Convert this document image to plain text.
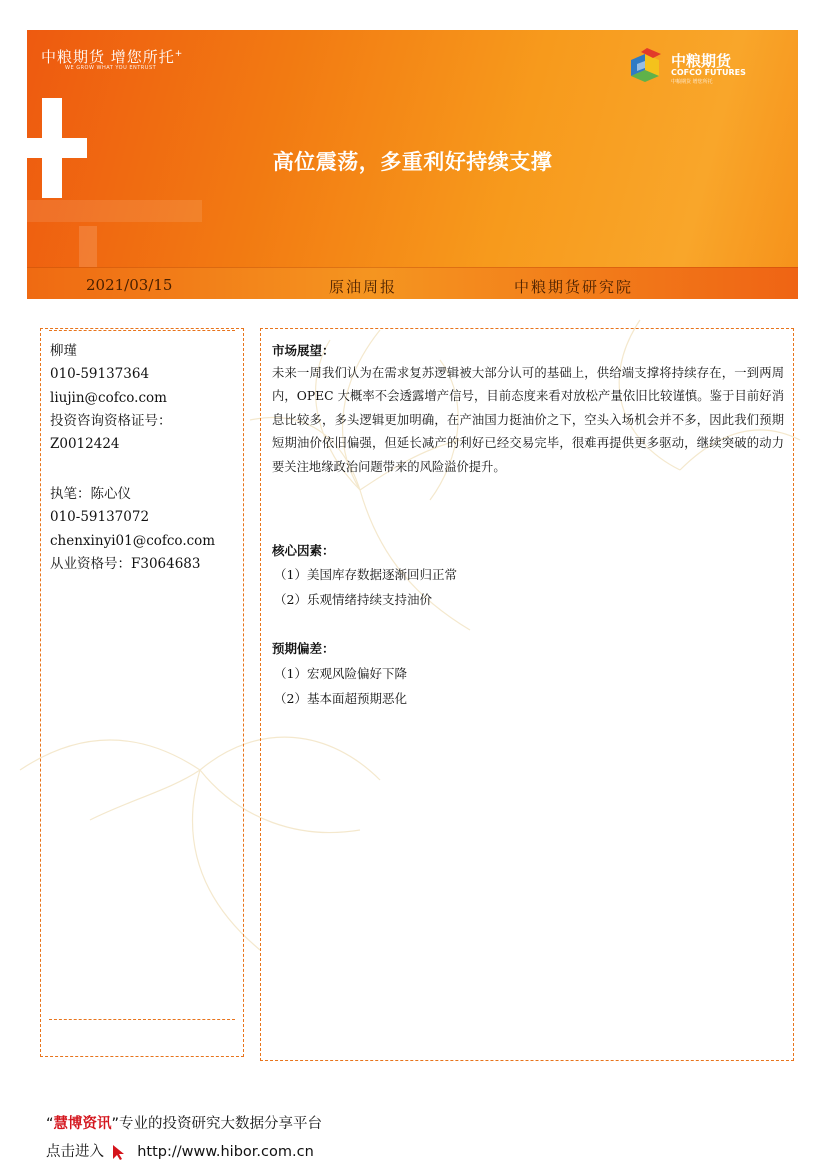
中粮期货 增您所托+
WE GROW WHAT YOU ENTRUST	中粮期货
COFCO FUTURES
中粮期货 增您所托
高位震荡，多重利好持续支撑
2021/03/15	原油周报	中粮期货研究院
柳瑾
010-59137364
liujin@cofco.com
投资咨询资格证号：
Z0012424
执笔：陈心仪
010-59137072
chenxinyi01@cofco.com
从业资格号：F3064683
市场展望：
未来一周我们认为在需求复苏逻辑被大部分认可的基础上，供给端支撑将持续存在，一到两周内，OPEC 大概率不会透露增产信号，目前态度来看对放松产量依旧比较谨慎。鉴于目前好消息比较多，多头逻辑更加明确，在产油国力挺油价之下，空头入场机会并不多，因此我们预期短期油价依旧偏强，但延长减产的利好已经交易完毕，很难再提供更多驱动，继续突破的动力要关注地缘政治问题带来的风险溢价提升。
核心因素：
（1）美国库存数据逐渐回归正常
（2）乐观情绪持续支持油价
预期偏差：
（1）宏观风险偏好下降
（2）基本面超预期恶化
“慧博资讯”专业的投资研究大数据分享平台
点击进入 http://www.hibor.com.cn
